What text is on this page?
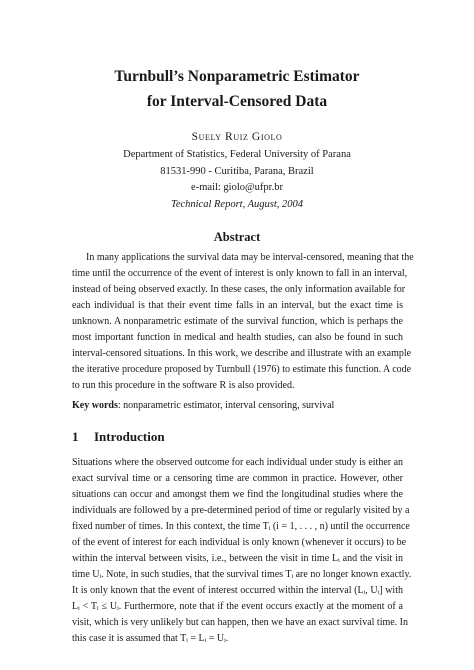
Turnbull’s Nonparametric Estimator
for Interval-Censored Data
Suely Ruiz Giolo
Department of Statistics, Federal University of Parana
81531-990 - Curitiba, Parana, Brazil
e-mail: giolo@ufpr.br
Technical Report, August, 2004
Abstract
In many applications the survival data may be interval-censored, meaning that the
time until the occurrence of the event of interest is only known to fall in an interval,
instead of being observed exactly. In these cases, the only information available for
each individual is that their event time falls in an interval, but the exact time is
unknown. A nonparametric estimate of the survival function, which is perhaps the
most important function in medical and health studies, can also be found in such
interval-censored situations. In this work, we describe and illustrate with an example
the iterative procedure proposed by Turnbull (1976) to estimate this function. A code
to run this procedure in the software R is also provided.
Key words: nonparametric estimator, interval censoring, survival
1 Introduction
Situations where the observed outcome for each individual under study is either an
exact survival time or a censoring time are common in practice. However, other
situations can occur and amongst them we find the longitudinal studies where the
individuals are followed by a pre-determined period of time or regularly visited by a
fixed number of times. In this context, the time Tᵢ (i = 1, . . . , n) until the occurrence
of the event of interest for each individual is only known (whenever it occurs) to be
within the interval between visits, i.e., between the visit in time Lᵢ and the visit in
time Uᵢ. Note, in such studies, that the survival times Tᵢ are no longer known exactly.
It is only known that the event of interest occurred within the interval (Lᵢ, Uᵢ] with
Lᵢ < Tᵢ ≤ Uᵢ. Furthermore, note that if the event occurs exactly at the moment of a
visit, which is very unlikely but can happen, then we have an exact survival time. In
this case it is assumed that Tᵢ = Lᵢ = Uᵢ.
